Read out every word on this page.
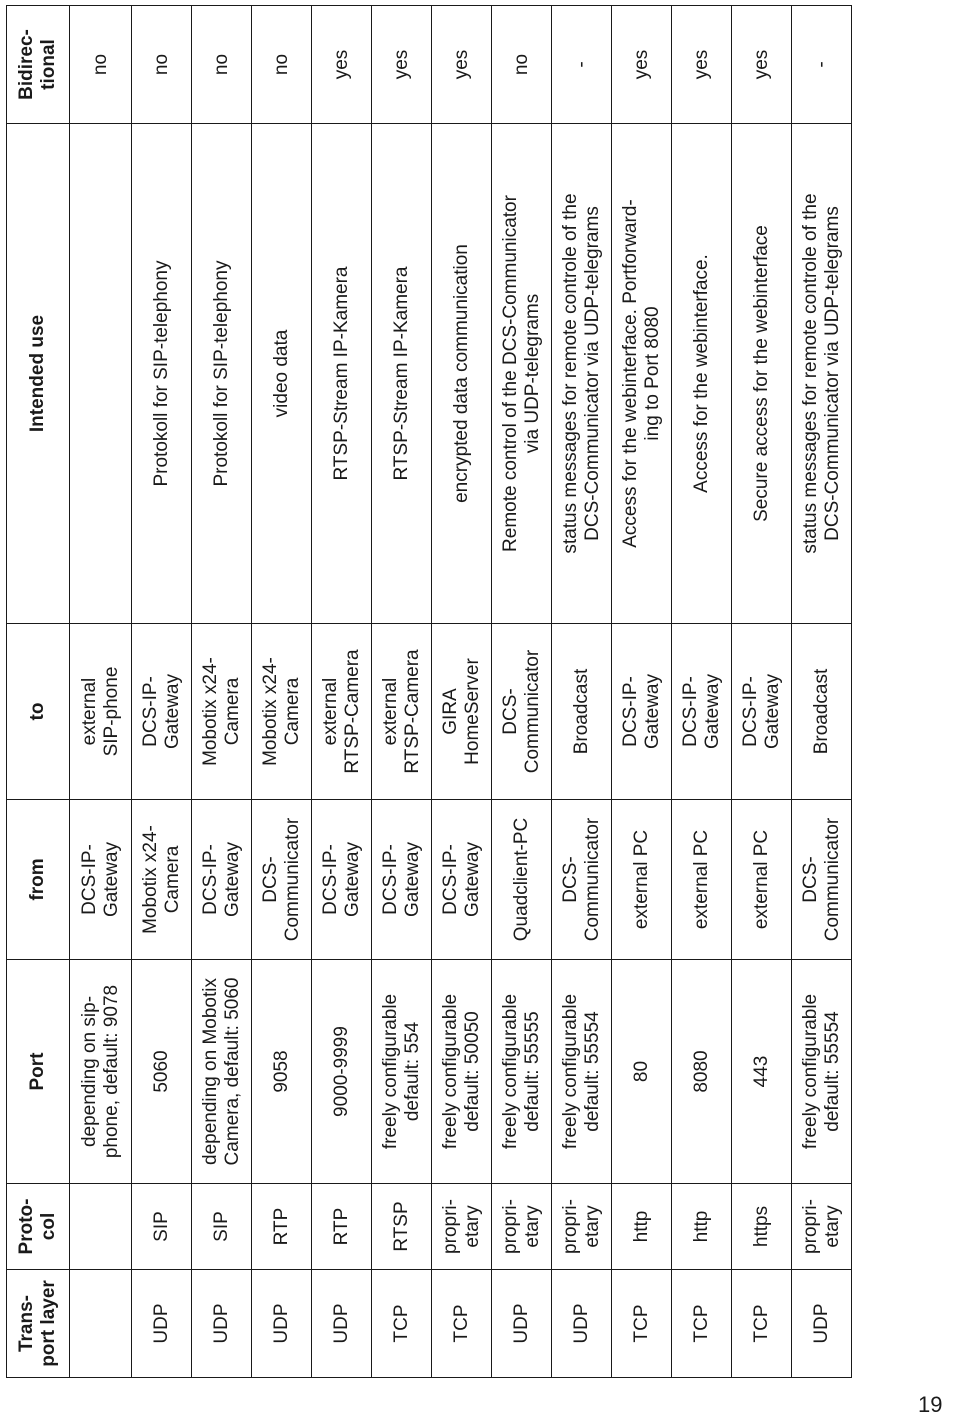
Trans-
port layer	Proto-
col	Port	from	to	Intended use	Bidirec-
tional
		depending on sip-
phone, default: 9078	DCS-IP-
Gateway	external
SIP-phone		no
UDP	SIP	5060	Mobotix x24-
Camera	DCS-IP-
Gateway	Protokoll for SIP-telephony	no
UDP	SIP	depending on Mobotix
Camera, default: 5060	DCS-IP-
Gateway	Mobotix x24-
Camera	Protokoll for SIP-telephony	no
UDP	RTP	9058	DCS-
Communicator	Mobotix x24-
Camera	video data	no
UDP	RTP	9000-9999	DCS-IP-
Gateway	external
RTSP-Camera	RTSP-Stream IP-Kamera	yes
TCP	RTSP	freely configurable
default: 554	DCS-IP-
Gateway	external
RTSP-Camera	RTSP-Stream IP-Kamera	yes
TCP	propri-
etary	freely configurable
default: 50050	DCS-IP-
Gateway	GIRA
HomeServer	encrypted data communication	yes
UDP	propri-
etary	freely configurable
default: 55555	Quadclient-PC	DCS-
Communicator	Remote control of the DCS-Communicator
via UDP-telegrams	no
UDP	propri-
etary	freely configurable
default: 55554	DCS-
Communicator	Broadcast	status messages for remote controle of the
DCS-Communicator via UDP-telegrams	-
TCP	http	80	external PC	DCS-IP-
Gateway	Access for the webinterface. Portforward-
ing to Port 8080	yes
TCP	http	8080	external PC	DCS-IP-
Gateway	Access for the webinterface.	yes
TCP	https	443	external PC	DCS-IP-
Gateway	Secure access for the webinterface	yes
UDP	propri-
etary	freely configurable
default: 55554	DCS-
Communicator	Broadcast	status messages for remote controle of the
DCS-Communicator via UDP-telegrams	-
19
